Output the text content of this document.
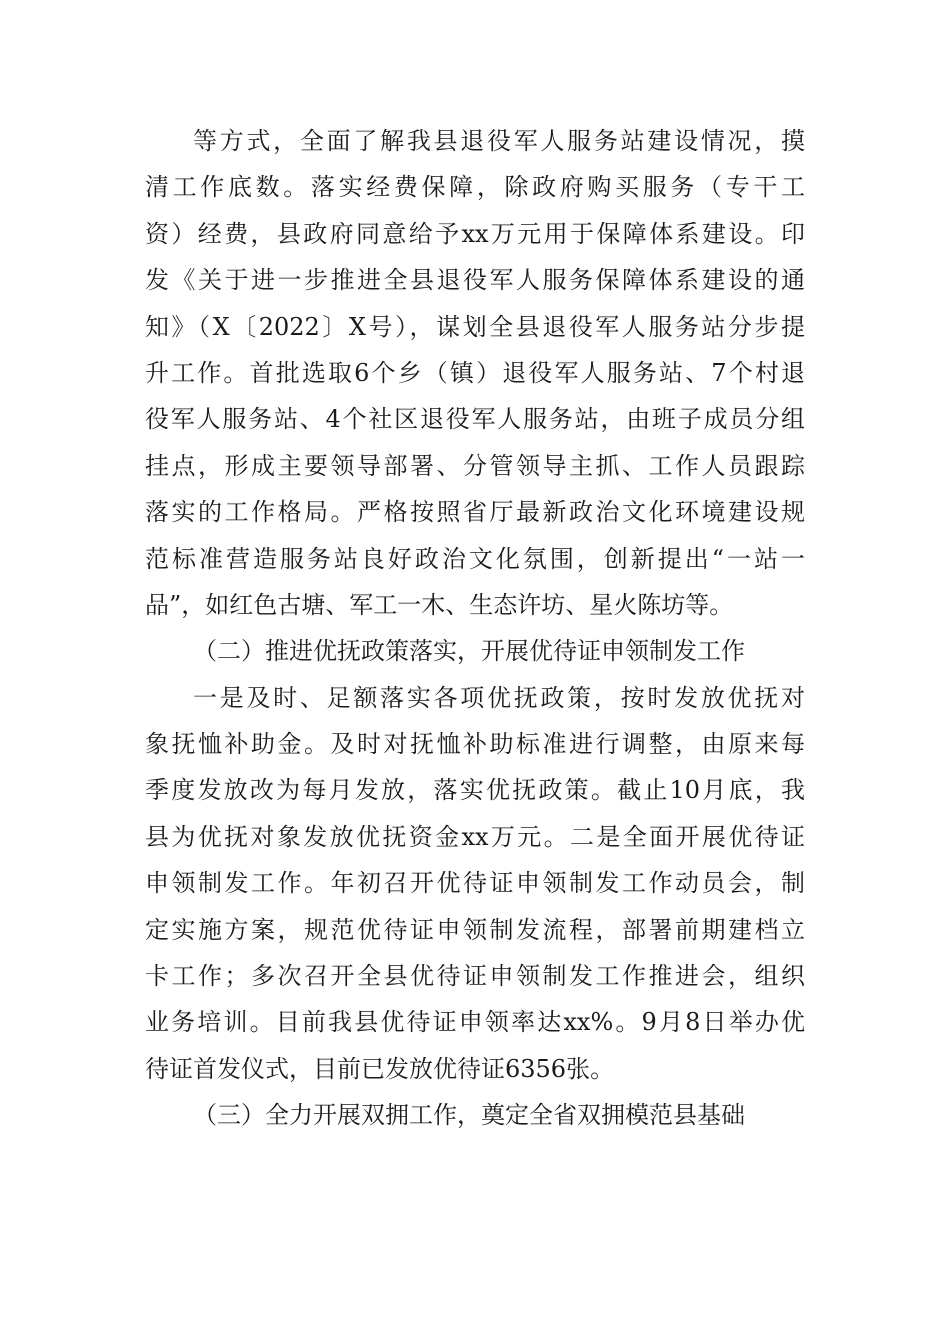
等方式，全面了解我县退役军人服务站建设情况，摸
清工作底数。落实经费保障，除政府购买服务（专干工
资）经费，县政府同意给予xx万元用于保障体系建设。印
发《关于进一步推进全县退役军人服务保障体系建设的通
知》（X〔2022〕X号），谋划全县退役军人服务站分步提
升工作。首批选取6个乡（镇）退役军人服务站、7个村退
役军人服务站、4个社区退役军人服务站，由班子成员分组
挂点，形成主要领导部署、分管领导主抓、工作人员跟踪
落实的工作格局。严格按照省厅最新政治文化环境建设规
范标准营造服务站良好政治文化氛围，创新提出“一站一
品”，如红色古塘、军工一木、生态许坊、星火陈坊等。
（二）推进优抚政策落实，开展优待证申领制发工作
一是及时、足额落实各项优抚政策，按时发放优抚对
象抚恤补助金。及时对抚恤补助标准进行调整，由原来每
季度发放改为每月发放，落实优抚政策。截止10月底，我
县为优抚对象发放优抚资金xx万元。二是全面开展优待证
申领制发工作。年初召开优待证申领制发工作动员会，制
定实施方案，规范优待证申领制发流程，部署前期建档立
卡工作；多次召开全县优待证申领制发工作推进会，组织
业务培训。目前我县优待证申领率达xx%。9月8日举办优
待证首发仪式，目前已发放优待证6356张。
（三）全力开展双拥工作，奠定全省双拥模范县基础
